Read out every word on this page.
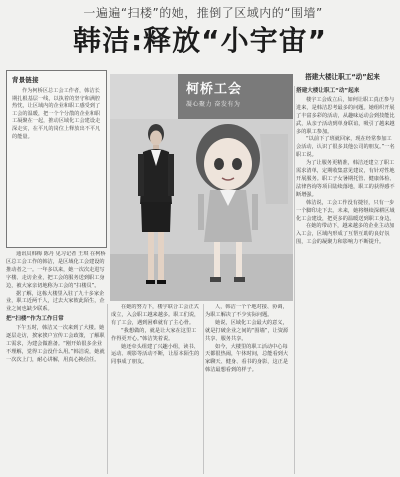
一遍遍“扫楼”的她，推倒了区域内的“围墙”
韩洁:释放“小宇宙”
背景链接
作为柯桥区总工会工作者，韩洁长期扎根基层一线，以执着的坚守和满腔热忱，让区域内的企业和职工感受到了工会的温暖，把一个个分散的企业和职工凝聚在一起，推动区域化工会建设走深走实，在平凡的岗位上释放出不平凡的能量。
柯桥工会
凝心聚力 奋发有为
搭建大楼让职工“动”起来

通讯员韩梅 陈丹 见习记者 王琪 在柯桥区总工会工作的韩洁，是区域化工会建设的推动者之一。一年多以来，她一次次走进写字楼、走访企业，把工会的服务送到职工身边，被大家亲切地称为工会的“扫楼员”。

据了解，这栋大楼里入驻了九十多家企业，职工近两千人，过去大家彼此陌生，企业之间也缺少联系。

把“扫楼”作为工作日常

下午五时，韩洁又一次来到了大楼。她逐层走访，挨家挨户宣传工会政策，了解职工需求，为建会做准备。“刚开始很多企业不理解，觉得工会没什么用。”韩洁说，她就一次次上门，耐心讲解，用真心换信任。

在她的努力下，楼宇联合工会正式成立，入会职工越来越多。职工们说，有了工会，遇到困难就有了主心骨。

“我想做的，就是让大家在这里工作得更开心。”韩洁笑着说。

她还牵头组建了兴趣小组，读书、运动、观影等活动不断，让原本陌生的同事成了朋友。

人，韩洁一个个地对接、协调，为职工解决了不少实际问题。

她说，区域化工会最大的意义，就是打破企业之间的“围墙”，让资源共享、服务共享。

如今，大楼里的职工活动中心每天都很热闹，午休时间，总能看到大家聊天、健身、看书的身影，这正是韩洁最想看到的样子。

搭建大楼让职工“动”起来

楼宇工会成立后，如何让职工真正参与进来，是韩洁思考最多的问题。她组织开展了丰富多彩的活动，从趣味运动会到技能比武，从亲子活动到单身联谊，吸引了越来越多的职工参加。

“以前下了班就回家，现在经常参加工会活动，认识了很多其他公司的朋友。”一名职工说。

为了让服务更精准，韩洁还建立了职工需求清单，定期收集意见建议，有针对性地开展服务。职工子女暑期托管、健康体检、法律咨询等项目陆续落地，职工的获得感不断增强。

韩洁说，工会工作没有捷径，只有一步一个脚印走下去。未来，她将继续深耕区域化工会建设，把更多的温暖送到职工身边。

在她的带动下，越来越多的企业主动加入工会，区域内形成了互帮互助的良好氛围，工会的凝聚力和影响力不断提升。
